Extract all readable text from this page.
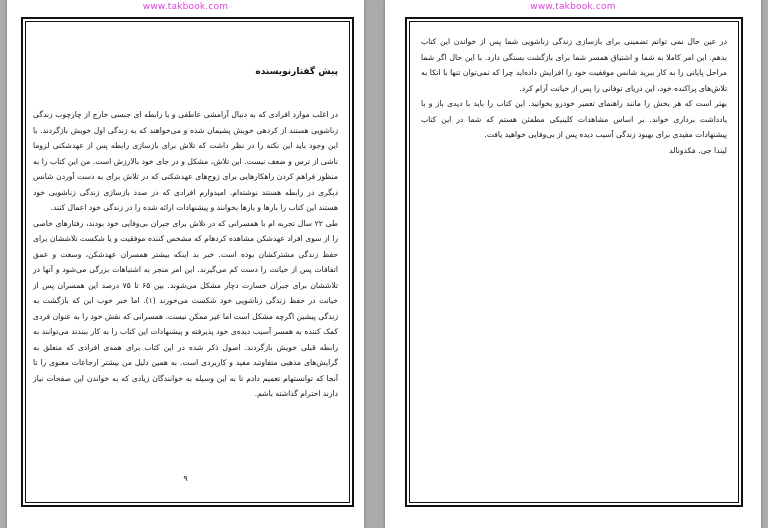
www.takbook.com
پیش گفتارنویسنده

در اغلب موارد افرادی که به دنبال آرامشی عاطفی و یا رابطه ای جنسی خارج از چارچوب زندگی زناشویی هستند از کردهی خویش پشیمان شده و می‌خواهند که به زندگی اول خویش بازگردند. با این وجود باید این نکته را در نظر داشت که تلاش برای بازسازی رابطه پس از عهدشکنی لزوما ناشی از ترس و ضعف نیست. این تلاش، مشکل و در جای خود بالارزش است. من این کتاب را به منظور فراهم کردن راهکارهایی برای زوج‌های عهدشکنی که در تلاش برای به دست آوردن شانس دیگری در رابطه هستند نوشته‌ام. امیدوارم افرادی که در صدد بازسازی زندگی زناشویی خود هستند این کتاب را بارها و بارها بخوانند و پیشنهادات ارائه شده را در زندگی خود اعمال کنند.

طی ۲۲ سال تجربه ام با همسرانی که در تلاش برای جبران بی‌وفایی خود بودند، رفتارهای خاصی را از سوی افراد عهدشکن مشاهده کردهام که مشخص کننده موفقیت و یا شکست تلاششان برای حفظ زندگی مشترکشان بوده است. خبر بد اینکه بیشتر همسران عهدشکن، وسعت و عمق اتفاقات پس از خیانت را دست کم می‌گیرند. این امر منجر به اشتباهات بزرگی می‌شود و آنها در تلاششان برای جبران خسارت دچار مشکل می‌شوند. بین ۶۵ تا ۷۵ درصد این همسران پس از خیانت در حفظ زندگی زناشویی خود شکست می‌خورند (۱). اما خبر خوب این که بازگشت به زندگی پیشین اگرچه مشکل است اما غیر ممکن نیست. همسرانی که نقش خود را به عنوان فردی کمک کننده به همسر آسیب دیده‌ی خود پذیرفته و پیشنهادات این کتاب را به کار ببندند می‌توانند به رابطه قبلی خویش بازگردند. اصول ذکر شده در این کتاب برای همه‌ی افرادی که متعلق به گرایش‌های مذهبی متفاوتند مفید و کاربردی است. به همین دلیل من بیشتر ارجاعات معنوی را تا آنجا که توانستهام تعمیم دادم تا به این وسیله به خوانندگان زیادی که به خواندن این صفحات نیاز دارند احترام گذاشته باشم.

۹
www.takbook.com

در عین حال نمی توانم تضمینی برای بازسازی زندگی زناشویی شما پس از خواندن این کتاب بدهم. این امر کاملا به شما و اشتیاق همسر شما برای بازگشت بستگی دارد. با این حال اگر شما مراحل پایانی را به کار ببرید شانس موفقیت خود را افزایش داده‌اید چرا که نمی‌توان تنها با اتکا به تلاش‌های پراکنده خود، این دریای توفانی را پس از خیانت آرام کرد.

بهتر است که هر بخش را مانند راهنمای تعمیر خودرو بخوانید. این کتاب را باید با دیدی باز و با یادداشت برداری خواند. بر اساس مشاهدات کلینیکی مطمئن هستم که شما در این کتاب پیشنهادات مفیدی برای بهبود زندگی آسیب دیده پس از بی‌وفایی خواهید یافت.

لیندا جی. مَکدونالد
